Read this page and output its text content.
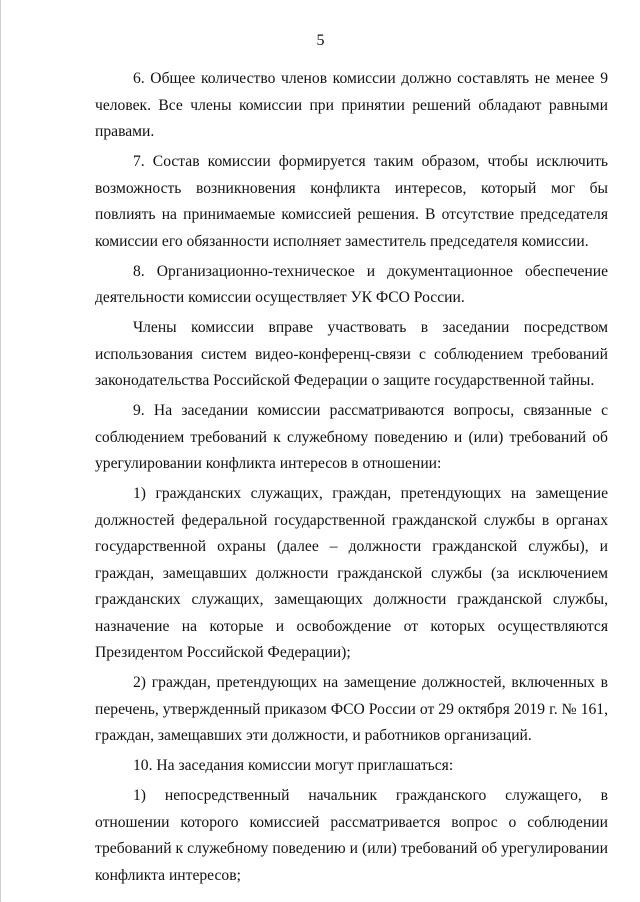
5

6. Общее количество членов комиссии должно составлять не менее 9 человек. Все члены комиссии при принятии решений обладают равными правами.

7. Состав комиссии формируется таким образом, чтобы исключить возможность возникновения конфликта интересов, который мог бы повлиять на принимаемые комиссией решения. В отсутствие председателя комиссии его обязанности исполняет заместитель председателя комиссии.

8. Организационно-техническое и документационное обеспечение деятельности комиссии осуществляет УК ФСО России.

Члены комиссии вправе участвовать в заседании посредством использования систем видео-конференц-связи с соблюдением требований законодательства Российской Федерации о защите государственной тайны.

9. На заседании комиссии рассматриваются вопросы, связанные с соблюдением требований к служебному поведению и (или) требований об урегулировании конфликта интересов в отношении:

1) гражданских служащих, граждан, претендующих на замещение должностей федеральной государственной гражданской службы в органах государственной охраны (далее – должности гражданской службы), и граждан, замещавших должности гражданской службы (за исключением гражданских служащих, замещающих должности гражданской службы, назначение на которые и освобождение от которых осуществляются Президентом Российской Федерации);

2) граждан, претендующих на замещение должностей, включенных в перечень, утвержденный приказом ФСО России от 29 октября 2019 г. № 161, граждан, замещавших эти должности, и работников организаций.

10. На заседания комиссии могут приглашаться:

1) непосредственный начальник гражданского служащего, в отношении которого комиссией рассматривается вопрос о соблюдении требований к служебному поведению и (или) требований об урегулировании конфликта интересов;
